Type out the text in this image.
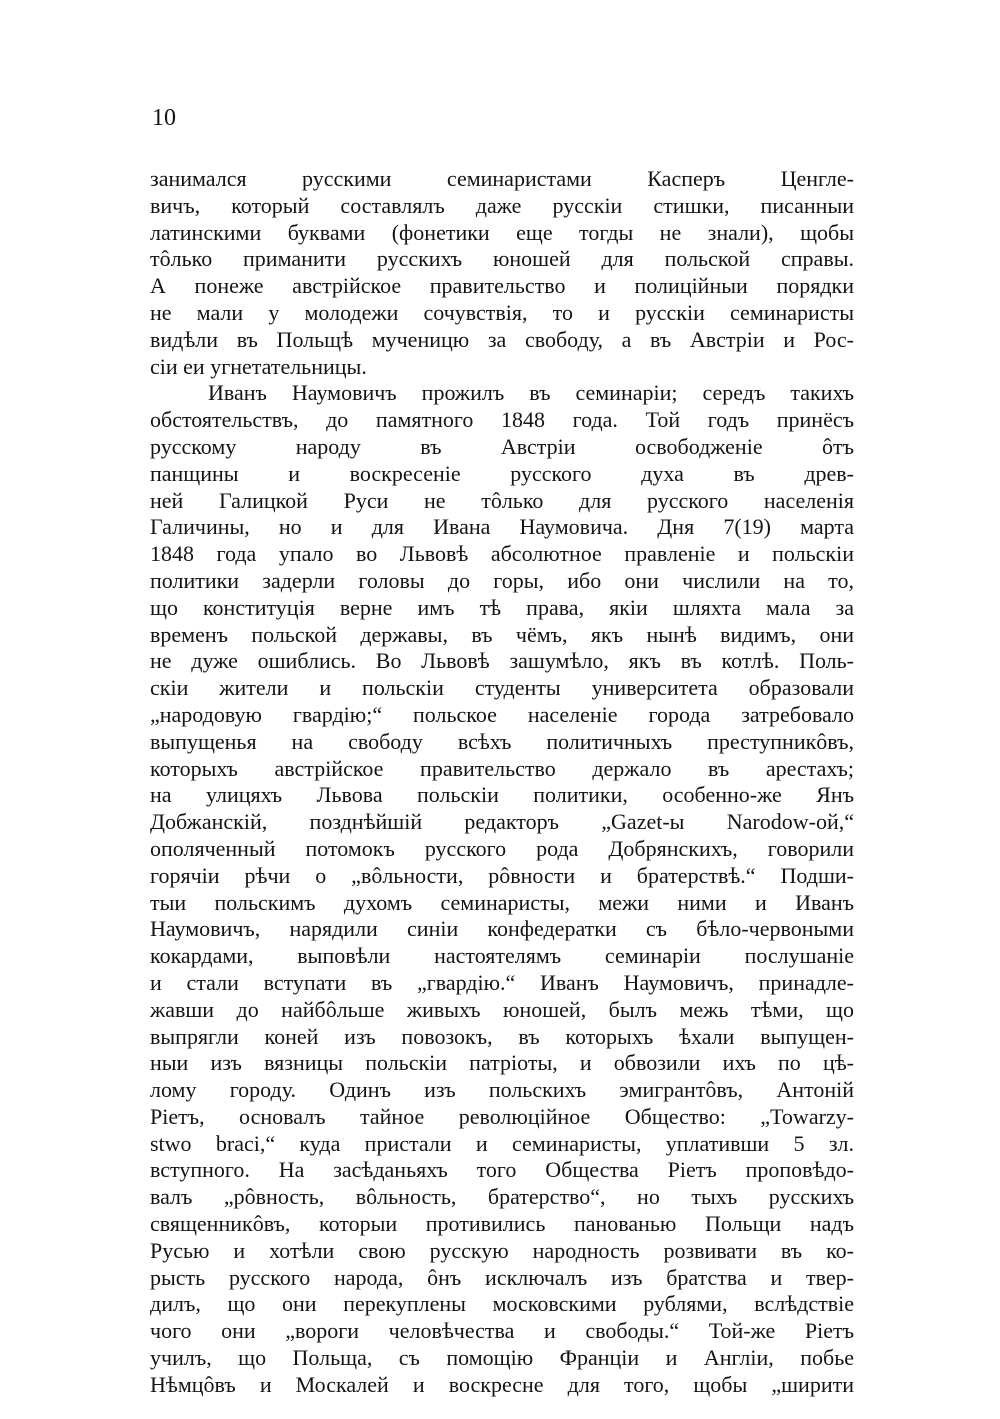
10
занимался русскими семинаристами Касперъ Ценгле-
вичъ, который составлялъ даже русскіи стишки, писанныи
латинскими буквами (фонетики еще тогды не знали), щобы
тôлько приманити русскихъ юношей для польской справы.
А понеже австрійское правительство и полиційныи порядки
не мали у молодежи сочувствія, то и русскіи семинаристы
видѣли въ Польщѣ мученицю за свободу, а въ Австріи и Рос-
сіи еи угнетательницы.
Иванъ Наумовичъ прожилъ въ семинаріи; середъ такихъ
обстоятельствъ, до памятного 1848 года. Той годъ принёсъ
русскому народу въ Австріи освободженіе ôтъ
панщины и воскресеніе русского духа въ древ-
ней Галицкой Руси не тôлько для русского населенія
Галичины, но и для Ивана Наумовича. Дня 7(19) марта
1848 года упало во Львовѣ абсолютное правленіе и польскіи
политики задерли головы до горы, ибо они числили на то,
що конституція верне имъ тѣ права, якіи шляхта мала за
временъ польской державы, въ чёмъ, якъ нынѣ видимъ, они
не дуже ошиблись. Во Львовѣ зашумѣло, якъ въ котлѣ. Поль-
скіи жители и польскіи студенты университета образовали
„народовую гвардію;“ польское населеніе города затребовало
выпущенья на свободу всѣхъ политичныхъ преступникôвъ,
которыхъ австрійское правительство держало въ арестахъ;
на улицяхъ Львова польскіи политики, особенно-же Янъ
Добжанскій, позднѣйшій редакторъ „Gazet-ы Narodow-ой,“
ополяченный потомокъ русского рода Добрянскихъ, говорили
горячіи рѣчи о „вôльности, рôвности и братерствѣ.“ Подши-
тыи польскимъ духомъ семинаристы, межи ними и Иванъ
Наумовичъ, нарядили синіи конфедератки съ бѣло-червоными
кокардами, выповѣли настоятелямъ семинаріи послушаніе
и стали вступати въ „гвардію.“ Иванъ Наумовичъ, принадле-
жавши до найбôльше живыхъ юношей, былъ межь тѣми, що
выпрягли коней изъ повозокъ, въ которыхъ ѣхали выпущен-
ныи изъ вязницы польскіи патріоты, и обвозили ихъ по цѣ-
лому городу. Одинъ изъ польскихъ эмигрантôвъ, Антоній
Ріетъ, основалъ тайное революційное Общество: „Towarzy-
stwo braci,“ куда пристали и семинаристы, уплативши 5 зл.
вступного. На засѣданьяхъ того Общества Ріетъ проповѣдо-
валъ „рôвность, вôльность, братерство“, но тыхъ русскихъ
священникôвъ, которыи противились панованью Польщи надъ
Русью и хотѣли свою русскую народность розвивати въ ко-
рысть русского народа, ôнъ исключалъ изъ братства и твер-
дилъ, що они перекуплены московскими рублями, вслѣдствіе
чого они „вороги человѣчества и свободы.“ Той-же Ріетъ
училъ, що Польща, съ помощію Франціи и Англіи, побье
Нѣмцôвъ и Москалей и воскресне для того, щобы „ширити
